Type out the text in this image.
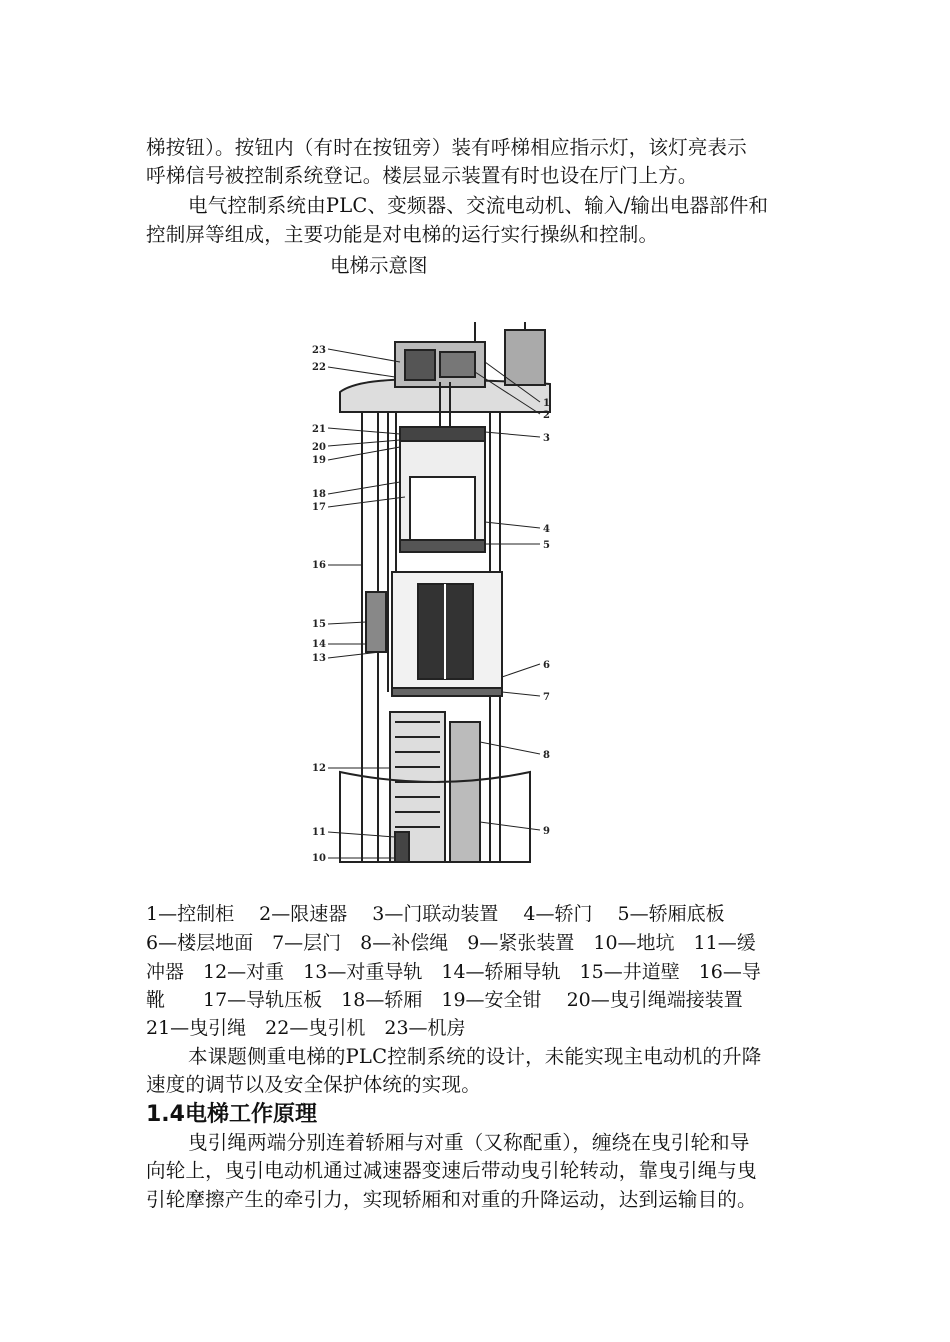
梯按钮）。按钮内（有时在按钮旁）装有呼梯相应指示灯，该灯亮表示
呼梯信号被控制系统登记。楼层显示装置有时也设在厅门上方。
电气控制系统由PLC、变频器、交流电动机、输入/输出电器部件和
控制屏等组成，主要功能是对电梯的运行实行操纵和控制。
电梯示意图
23
22
21
20
19
18
17
16
15
14
13
12
11
10
1
2
3
4
5
6
7
8
9
1—控制柜　 2—限速器　 3—门联动装置　 4—轿门　 5—轿厢底板
6—楼层地面　7—层门　8—补偿绳　9—紧张装置　10—地坑　11—缓
冲器　12—对重　13—对重导轨　14—轿厢导轨　15—井道壁　16—导
靴　　17—导轨压板　18—轿厢　19—安全钳　 20—曳引绳端接装置
21—曳引绳　22—曳引机　23—机房
本课题侧重电梯的PLC控制系统的设计，未能实现主电动机的升降
速度的调节以及安全保护体统的实现。
1.4电梯工作原理
曳引绳两端分别连着轿厢与对重（又称配重），缠绕在曳引轮和导
向轮上，曳引电动机通过减速器变速后带动曳引轮转动，靠曳引绳与曳
引轮摩擦产生的牵引力，实现轿厢和对重的升降运动，达到运输目的。
